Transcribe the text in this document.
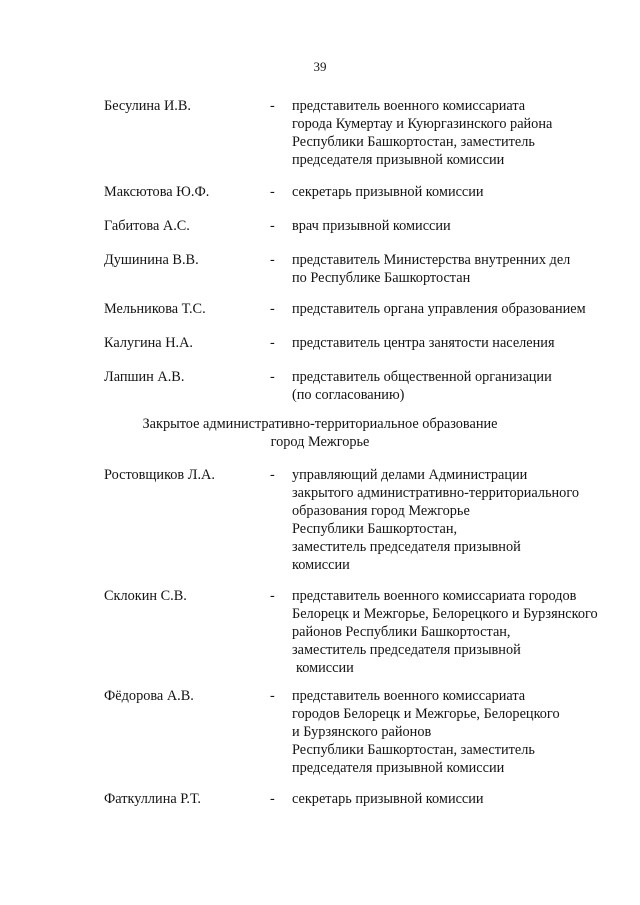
39
Бесулина И.В.	- представитель военного комиссариата
города Кумертау и Куюргазинского района
Республики Башкортостан, заместитель
председателя призывной комиссии
Максютова Ю.Ф.	- секретарь призывной комиссии
Габитова А.С.	- врач призывной комиссии
Душинина В.В.	- представитель Министерства внутренних дел
по Республике Башкортостан
Мельникова Т.С.	- представитель органа управления образованием
Калугина Н.А.	- представитель центра занятости населения
Лапшин А.В.	- представитель общественной организации
(по согласованию)
Закрытое административно-территориальное образование
город Межгорье
Ростовщиков Л.А.	- управляющий делами Администрации
закрытого административно-территориального
образования город Межгорье
Республики Башкортостан,
заместитель председателя призывной
комиссии
Склокин С.В.	- представитель военного комиссариата городов
Белорецк и Межгорье, Белорецкого и Бурзянского
районов Республики Башкортостан,
заместитель председателя призывной
комиссии
Фёдорова А.В.	- представитель военного комиссариата
городов Белорецк и Межгорье, Белорецкого
и Бурзянского районов
Республики Башкортостан, заместитель
председателя призывной комиссии
Фаткуллина Р.Т.	- секретарь призывной комиссии
